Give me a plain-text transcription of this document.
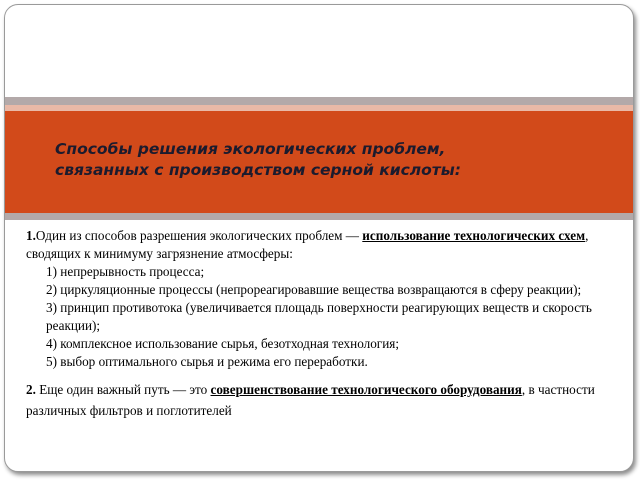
Способы решения экологических проблем,
связанных с производством серной кислоты:

1.Один из способов разрешения экологических проблем — использование технологических схем, сводящих к минимуму загрязнение атмосферы:

1) непрерывность процесса;

2) циркуляционные процессы (непрореагировавшие вещества возвращаются в сферу реакции);

3) принцип противотока (увеличивается площадь поверхности реагирующих веществ и скорость реакции);

4) комплексное использование сырья, безотходная технология;

5) выбор оптимального сырья и режима его переработки.

2. Еще один важный путь — это совершенствование технологического оборудования, в частности различных фильтров и поглотителей
